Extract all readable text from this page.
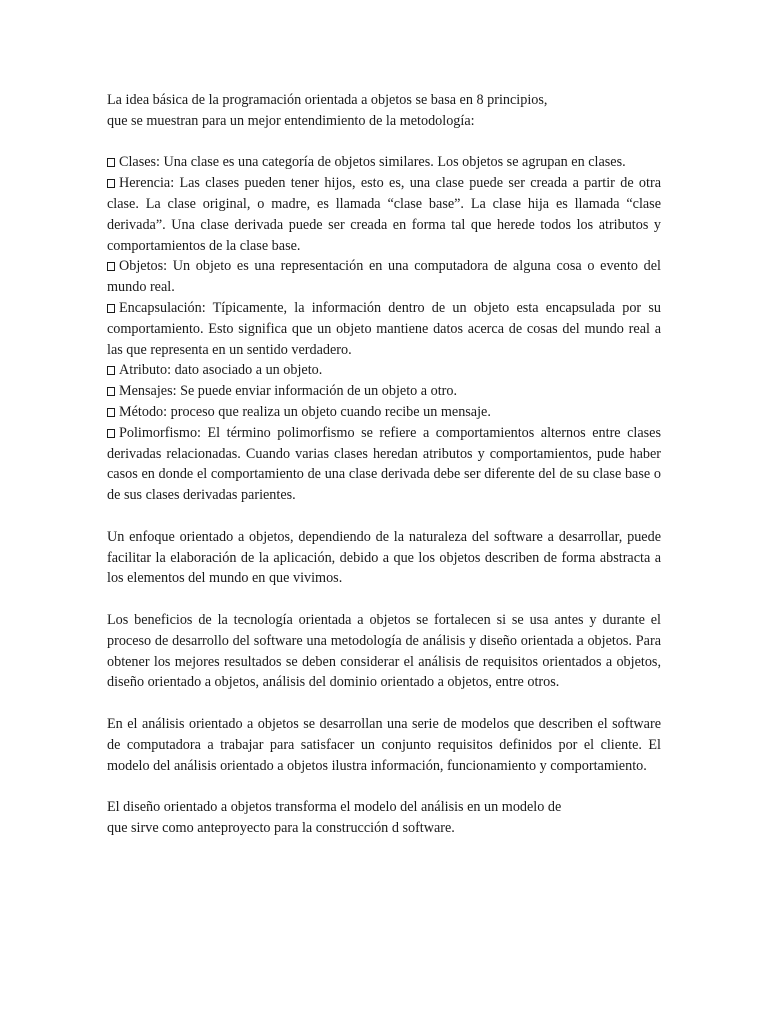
La idea básica de la programación orientada a objetos se basa en 8 principios,
que se muestran para un mejor entendimiento de la metodología:

Clases: Una clase es una categoría de objetos similares. Los objetos se agrupan en clases.

Herencia: Las clases pueden tener hijos, esto es, una clase puede ser creada a partir de otra clase. La clase original, o madre, es llamada “clase base”. La clase hija es llamada “clase derivada”. Una clase derivada puede ser creada en forma tal que herede todos los atributos y comportamientos de la clase base.

Objetos: Un objeto es una representación en una computadora de alguna cosa o evento del mundo real.

Encapsulación: Típicamente, la información dentro de un objeto esta encapsulada por su comportamiento. Esto significa que un objeto mantiene datos acerca de cosas del mundo real a las que representa en un sentido verdadero.

Atributo: dato asociado a un objeto.

Mensajes: Se puede enviar información de un objeto a otro.

Método: proceso que realiza un objeto cuando recibe un mensaje.

Polimorfismo: El término polimorfismo se refiere a comportamientos alternos entre clases derivadas relacionadas. Cuando varias clases heredan atributos y comportamientos, pude haber casos en donde el comportamiento de una clase derivada debe ser diferente del de su clase base o de sus clases derivadas parientes.

Un enfoque orientado a objetos, dependiendo de la naturaleza del software a desarrollar, puede facilitar la elaboración de la aplicación, debido a que los objetos describen de forma abstracta a los elementos del mundo en que vivimos.

Los beneficios de la tecnología orientada a objetos se fortalecen si se usa antes y durante el proceso de desarrollo del software una metodología de análisis y diseño orientada a objetos. Para obtener los mejores resultados se deben considerar el análisis de requisitos orientados a objetos, diseño orientado a objetos, análisis del dominio orientado a objetos, entre otros.

En el análisis orientado a objetos se desarrollan una serie de modelos que describen el software de computadora a trabajar para satisfacer un conjunto requisitos definidos por el cliente. El modelo del análisis orientado a objetos ilustra información, funcionamiento y comportamiento.

El diseño orientado a objetos transforma el modelo del análisis en un modelo de
que sirve como anteproyecto para la construcción d software.
